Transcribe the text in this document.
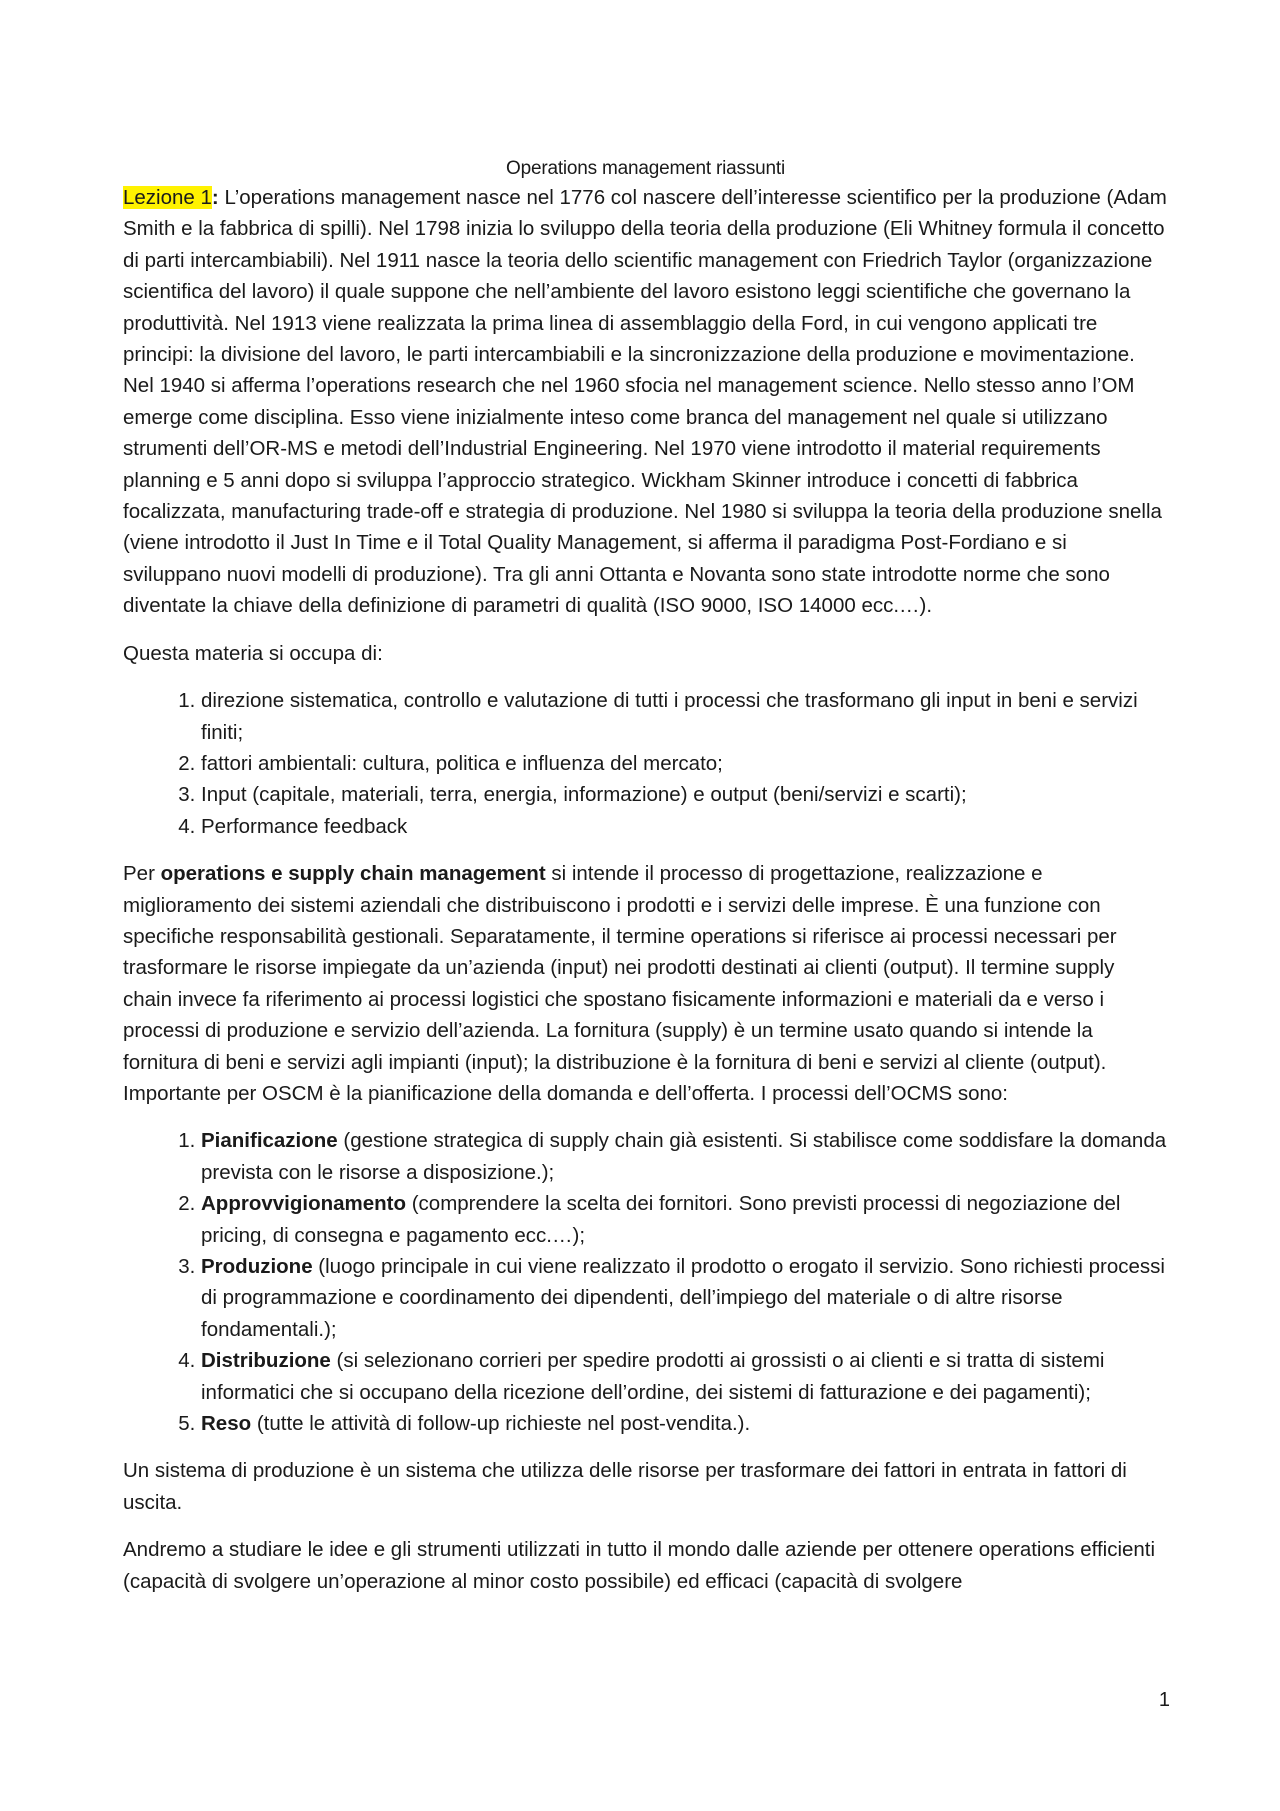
Operations management riassunti

Lezione 1: L’operations management nasce nel 1776 col nascere dell’interesse scientifico per la produzione (Adam Smith e la fabbrica di spilli). Nel 1798 inizia lo sviluppo della teoria della produzione (Eli Whitney formula il concetto di parti intercambiabili). Nel 1911 nasce la teoria dello scientific management con Friedrich Taylor (organizzazione scientifica del lavoro) il quale suppone che nell’ambiente del lavoro esistono leggi scientifiche che governano la produttività. Nel 1913 viene realizzata la prima linea di assemblaggio della Ford, in cui vengono applicati tre principi: la divisione del lavoro, le parti intercambiabili e la sincronizzazione della produzione e movimentazione. Nel 1940 si afferma l’operations research che nel 1960 sfocia nel management science. Nello stesso anno l’OM emerge come disciplina. Esso viene inizialmente inteso come branca del management nel quale si utilizzano strumenti dell’OR-MS e metodi dell’Industrial Engineering. Nel 1970 viene introdotto il material requirements planning e 5 anni dopo si sviluppa l’approccio strategico. Wickham Skinner introduce i concetti di fabbrica focalizzata, manufacturing trade-off e strategia di produzione. Nel 1980 si sviluppa la teoria della produzione snella (viene introdotto il Just In Time e il Total Quality Management, si afferma il paradigma Post-Fordiano e si sviluppano nuovi modelli di produzione). Tra gli anni Ottanta e Novanta sono state introdotte norme che sono diventate la chiave della definizione di parametri di qualità (ISO 9000, ISO 14000 ecc.…).

Questa materia si occupa di:

1. direzione sistematica, controllo e valutazione di tutti i processi che trasformano gli input in beni e servizi finiti;
2. fattori ambientali: cultura, politica e influenza del mercato;
3. Input (capitale, materiali, terra, energia, informazione) e output (beni/servizi e scarti);
4. Performance feedback

Per operations e supply chain management si intende il processo di progettazione, realizzazione e miglioramento dei sistemi aziendali che distribuiscono i prodotti e i servizi delle imprese. È una funzione con specifiche responsabilità gestionali. Separatamente, il termine operations si riferisce ai processi necessari per trasformare le risorse impiegate da un’azienda (input) nei prodotti destinati ai clienti (output). Il termine supply chain invece fa riferimento ai processi logistici che spostano fisicamente informazioni e materiali da e verso i processi di produzione e servizio dell’azienda. La fornitura (supply) è un termine usato quando si intende la fornitura di beni e servizi agli impianti (input); la distribuzione è la fornitura di beni e servizi al cliente (output). Importante per OSCM è la pianificazione della domanda e dell’offerta. I processi dell’OCMS sono:

1. Pianificazione (gestione strategica di supply chain già esistenti. Si stabilisce come soddisfare la domanda prevista con le risorse a disposizione.);
2. Approvvigionamento (comprendere la scelta dei fornitori. Sono previsti processi di negoziazione del pricing, di consegna e pagamento ecc.…);
3. Produzione (luogo principale in cui viene realizzato il prodotto o erogato il servizio. Sono richiesti processi di programmazione e coordinamento dei dipendenti, dell’impiego del materiale o di altre risorse fondamentali.);
4. Distribuzione (si selezionano corrieri per spedire prodotti ai grossisti o ai clienti e si tratta di sistemi informatici che si occupano della ricezione dell’ordine, dei sistemi di fatturazione e dei pagamenti);
5. Reso (tutte le attività di follow-up richieste nel post-vendita.).

Un sistema di produzione è un sistema che utilizza delle risorse per trasformare dei fattori in entrata in fattori di uscita.

Andremo a studiare le idee e gli strumenti utilizzati in tutto il mondo dalle aziende per ottenere operations efficienti (capacità di svolgere un’operazione al minor costo possibile) ed efficaci (capacità di svolgere

1
